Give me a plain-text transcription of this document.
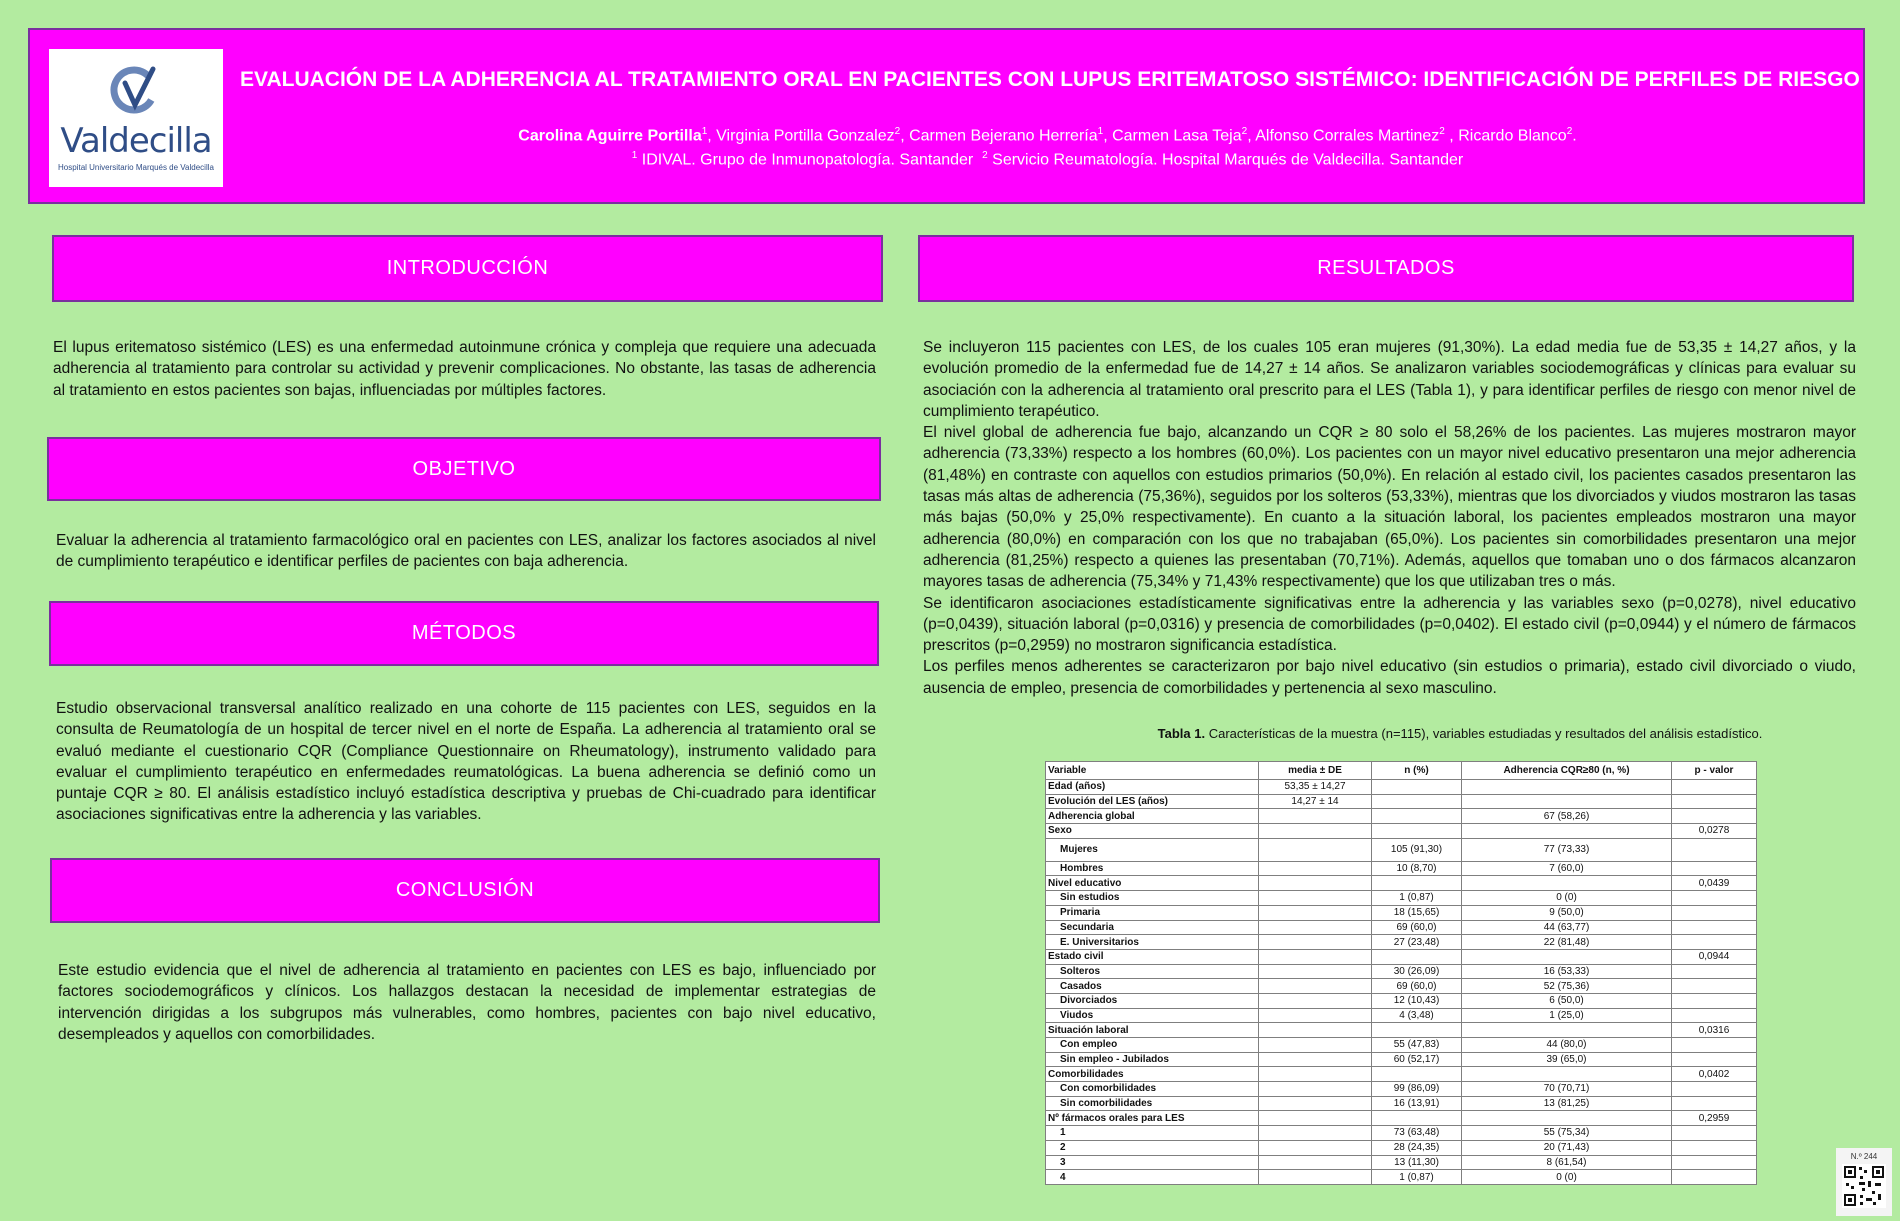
Valdecilla
Hospital Universitario Marqués de Valdecilla
EVALUACIÓN DE LA ADHERENCIA AL TRATAMIENTO ORAL EN PACIENTES CON LUPUS ERITEMATOSO SISTÉMICO: IDENTIFICACIÓN DE PERFILES DE RIESGO
Carolina Aguirre Portilla$^1$, Virginia Portilla Gonzalez$^2$, Carmen Bejerano Herrería$^1$, Carmen Lasa Teja$^2$, Alfonso Corrales Martinez$^2$ , Ricardo Blanco$^2$.
$^1$ IDIVAL. Grupo de Inmunopatología. Santander  $^2$ Servicio Reumatología. Hospital Marqués de Valdecilla. Santander
INTRODUCCIÓN

El lupus eritematoso sistémico (LES) es una enfermedad autoinmune crónica y compleja que requiere una adecuada adherencia al tratamiento para controlar su actividad y prevenir complicaciones. No obstante, las tasas de adherencia al tratamiento en estos pacientes son bajas, influenciadas por múltiples factores.

OBJETIVO

Evaluar la adherencia al tratamiento farmacológico oral en pacientes con LES, analizar los factores asociados al nivel de cumplimiento terapéutico e identificar perfiles de pacientes con baja adherencia.

MÉTODOS

Estudio observacional transversal analítico realizado en una cohorte de 115 pacientes con LES, seguidos en la consulta de Reumatología de un hospital de tercer nivel en el norte de España. La adherencia al tratamiento oral se evaluó mediante el cuestionario CQR (Compliance Questionnaire on Rheumatology), instrumento validado para evaluar el cumplimiento terapéutico en enfermedades reumatológicas. La buena adherencia se definió como un puntaje CQR ≥ 80. El análisis estadístico incluyó estadística descriptiva y pruebas de Chi-cuadrado para identificar asociaciones significativas entre la adherencia y las variables.

CONCLUSIÓN

Este estudio evidencia que el nivel de adherencia al tratamiento en pacientes con LES es bajo, influenciado por factores sociodemográficos y clínicos. Los hallazgos destacan la necesidad de implementar estrategias de intervención dirigidas a los subgrupos más vulnerables, como hombres, pacientes con bajo nivel educativo, desempleados y aquellos con comorbilidades.

RESULTADOS
Se incluyeron 115 pacientes con LES, de los cuales 105 eran mujeres (91,30%). La edad media fue de 53,35 ± 14,27 años, y la evolución promedio de la enfermedad fue de 14,27 ± 14 años. Se analizaron variables sociodemográficas y clínicas para evaluar su asociación con la adherencia al tratamiento oral prescrito para el LES (Tabla 1), y para identificar perfiles de riesgo con menor nivel de cumplimiento terapéutico.
El nivel global de adherencia fue bajo, alcanzando un CQR ≥ 80 solo el 58,26% de los pacientes. Las mujeres mostraron mayor adherencia (73,33%) respecto a los hombres (60,0%). Los pacientes con un mayor nivel educativo presentaron una mejor adherencia (81,48%) en contraste con aquellos con estudios primarios (50,0%). En relación al estado civil, los pacientes casados presentaron las tasas más altas de adherencia (75,36%), seguidos por los solteros (53,33%), mientras que los divorciados y viudos mostraron las tasas más bajas (50,0% y 25,0% respectivamente). En cuanto a la situación laboral, los pacientes empleados mostraron una mayor adherencia (80,0%) en comparación con los que no trabajaban (65,0%). Los pacientes sin comorbilidades presentaron una mejor adherencia (81,25%) respecto a quienes las presentaban (70,71%). Además, aquellos que tomaban uno o dos fármacos alcanzaron mayores tasas de adherencia (75,34% y 71,43% respectivamente) que los que utilizaban tres o más.
Se identificaron asociaciones estadísticamente significativas entre la adherencia y las variables sexo (p=0,0278), nivel educativo (p=0,0439), situación laboral (p=0,0316) y presencia de comorbilidades (p=0,0402). El estado civil (p=0,0944) y el número de fármacos prescritos (p=0,2959) no mostraron significancia estadística.
Los perfiles menos adherentes se caracterizaron por bajo nivel educativo (sin estudios o primaria), estado civil divorciado o viudo, ausencia de empleo, presencia de comorbilidades y pertenencia al sexo masculino.
Tabla 1. Características de la muestra (n=115), variables estudiadas y resultados del análisis estadístico.
Variable	media ± DE	n (%)	Adherencia CQR≥80 (n, %)	p - valor
Edad (años)	53,35 ± 14,27			
Evolución del LES (años)	14,27 ± 14			
Adherencia global			67 (58,26)	
Sexo				0,0278
Mujeres		105 (91,30)	77 (73,33)	
Hombres		10 (8,70)	7 (60,0)	
Nivel educativo				0,0439
Sin estudios		1 (0,87)	0 (0)	
Primaria		18 (15,65)	9 (50,0)	
Secundaria		69 (60,0)	44 (63,77)	
E. Universitarios		27 (23,48)	22 (81,48)	
Estado civil				0,0944
Solteros		30 (26,09)	16 (53,33)	
Casados		69 (60,0)	52 (75,36)	
Divorciados		12 (10,43)	6 (50,0)	
Viudos		4 (3,48)	1 (25,0)	
Situación laboral				0,0316
Con empleo		55 (47,83)	44 (80,0)	
Sin empleo - Jubilados		60 (52,17)	39 (65,0)	
Comorbilidades				0,0402
Con comorbilidades		99 (86,09)	70 (70,71)	
Sin comorbilidades		16 (13,91)	13 (81,25)	
Nº fármacos orales para LES				0,2959
1		73 (63,48)	55 (75,34)	
2		28 (24,35)	20 (71,43)	
3		13 (11,30)	8 (61,54)	
4		1 (0,87)	0 (0)	
N.º 244
